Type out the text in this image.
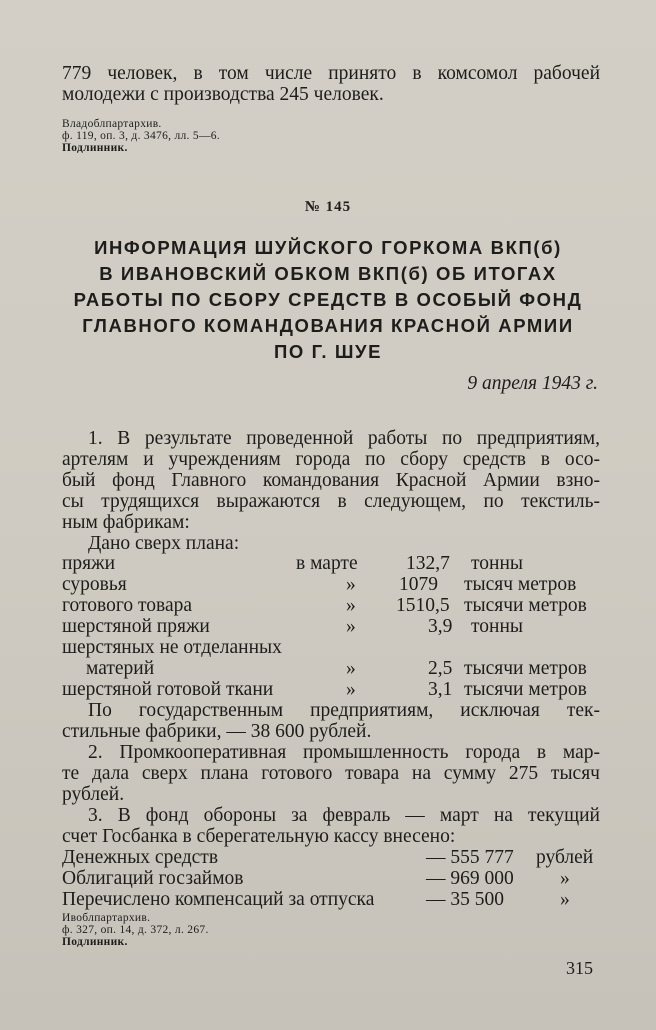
779 человек, в том числе принято в комсомол рабочей
молодежи с производства 245 человек.
Владоблпартархив.
ф. 119, оп. 3, д. 3476, лл. 5—6.
Подлинник.
№ 145
ИНФОРМАЦИЯ ШУЙСКОГО ГОРКОМА ВКП(б)
В ИВАНОВСКИЙ ОБКОМ ВКП(б) ОБ ИТОГАХ
РАБОТЫ ПО СБОРУ СРЕДСТВ В ОСОБЫЙ ФОНД
ГЛАВНОГО КОМАНДОВАНИЯ КРАСНОЙ АРМИИ
ПО Г. ШУЕ
9 апреля 1943 г.
1. В результате проведенной работы по предприятиям,
артелям и учреждениям города по сбору средств в осо-
бый фонд Главного командования Красной Армии взно-
сы трудящихся выражаются в следующем, по текстиль-
ным фабрикам:
Дано сверх плана:
пряжи	в марте 132,7 тонны
суровья	» 1079 тысяч метров
готового товара	» 1510,5 тысячи метров
шерстяной пряжи	»	3,9 тонны
шерстяных не отделанных
материй	»	2,5 тысячи метров
шерстяной готовой ткани	»	3,1 тысячи метров
По государственным предприятиям, исключая тек-
стильные фабрики, — 38 600 рублей.
2. Промкооперативная промышленность города в мар-
те дала сверх плана готового товара на сумму 275 тысяч
рублей.
3. В фонд обороны за февраль — март на текущий
счет Госбанка в сберегательную кассу внесено:
Денежных средств	— 555 777 рублей
Облигаций госзаймов	— 969 000 »
Перечислено компенсаций за отпуска	— 35 500	»
Ивоблпартархив.
ф. 327, оп. 14, д. 372, л. 267.
Подлинник.
315
